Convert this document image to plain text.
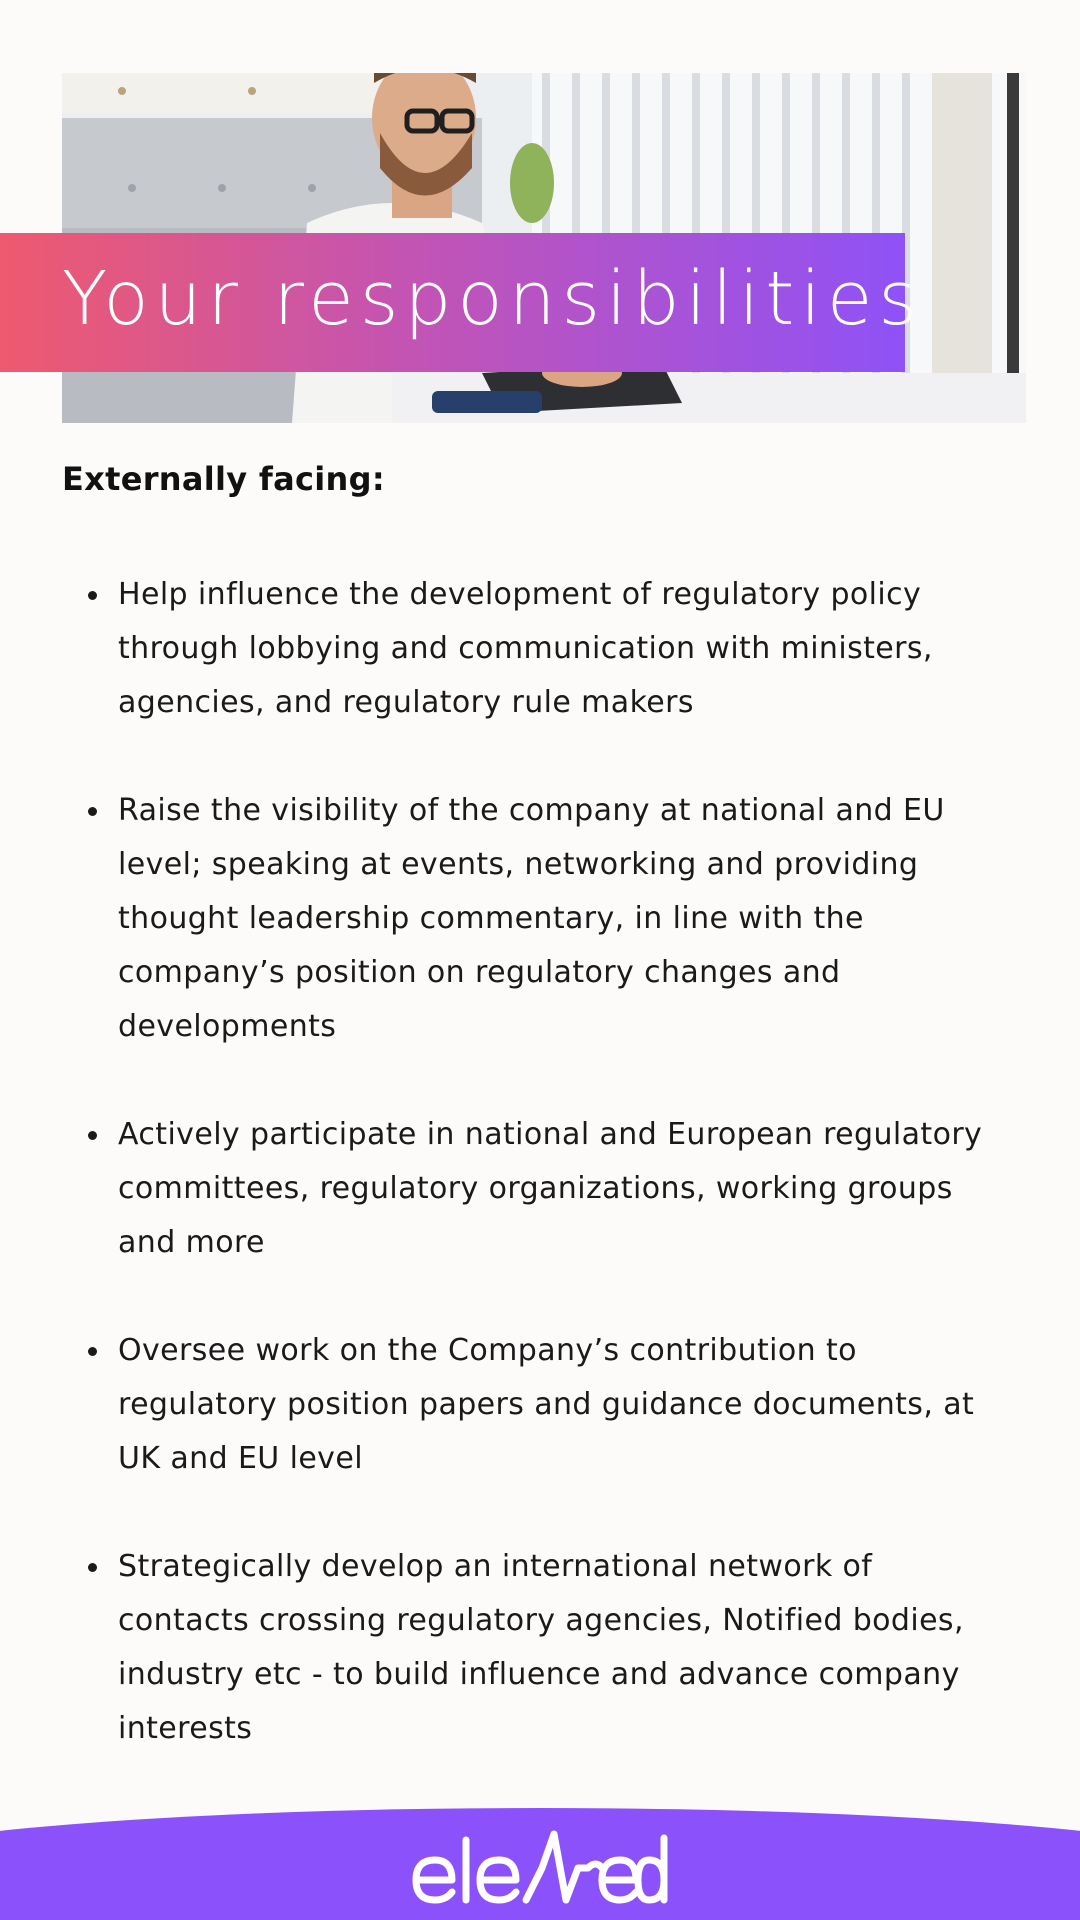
Your responsibilities
Externally facing:
Help influence the development of regulatory policy through lobbying and communication with ministers, agencies, and regulatory rule makers
Raise the visibility of the company at national and EU level; speaking at events, networking and providing thought leadership commentary, in line with the company’s position on regulatory changes and developments
Actively participate in national and European regulatory committees, regulatory organizations, working groups and more
Oversee work on the Company’s contribution to regulatory position papers and guidance documents, at UK and EU level
Strategically develop an international network of contacts crossing regulatory agencies, Notified bodies, industry etc - to build influence and advance company interests
